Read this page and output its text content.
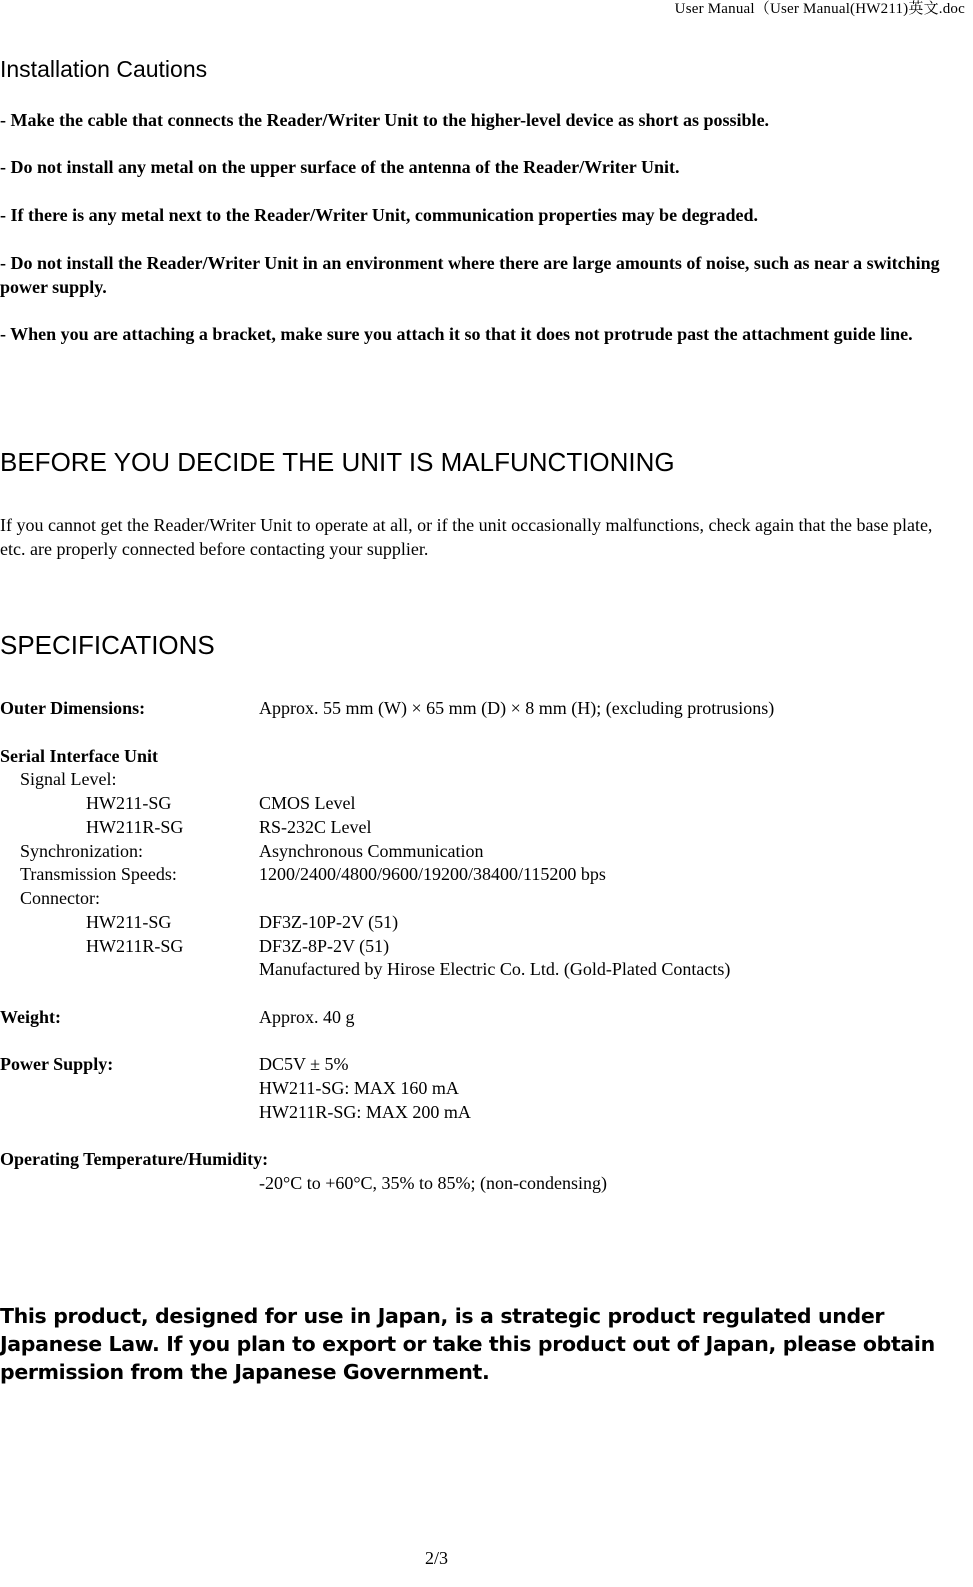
User Manual（User Manual(HW211)英文.doc
Installation Cautions
- Make the cable that connects the Reader/Writer Unit to the higher-level device as short as possible.
- Do not install any metal on the upper surface of the antenna of the Reader/Writer Unit.
- If there is any metal next to the Reader/Writer Unit, communication properties may be degraded.
- Do not install the Reader/Writer Unit in an environment where there are large amounts of noise, such as near a switching power supply.
- When you are attaching a bracket, make sure you attach it so that it does not protrude past the attachment guide line.
BEFORE YOU DECIDE THE UNIT IS MALFUNCTIONING
If you cannot get the Reader/Writer Unit to operate at all, or if the unit occasionally malfunctions, check again that the base plate, etc. are properly connected before contacting your supplier.
SPECIFICATIONS
Outer Dimensions:	Approx. 55 mm (W) × 65 mm (D) × 8 mm (H); (excluding protrusions)
Serial Interface Unit
Signal Level:
HW211-SG	CMOS Level
HW211R-SG	RS-232C Level
Synchronization:	Asynchronous Communication
Transmission Speeds:	1200/2400/4800/9600/19200/38400/115200 bps
Connector:
HW211-SG	DF3Z-10P-2V (51)
HW211R-SG	DF3Z-8P-2V (51)
Manufactured by Hirose Electric Co. Ltd. (Gold-Plated Contacts)
Weight:	Approx. 40 g
Power Supply:	DC5V ± 5%
HW211-SG: MAX 160 mA
HW211R-SG: MAX 200 mA
Operating Temperature/Humidity:
-20°C to +60°C, 35% to 85%; (non-condensing)
This product, designed for use in Japan, is a strategic product regulated under Japanese Law. If you plan to export or take this product out of Japan, please obtain permission from the Japanese Government.
2/3
